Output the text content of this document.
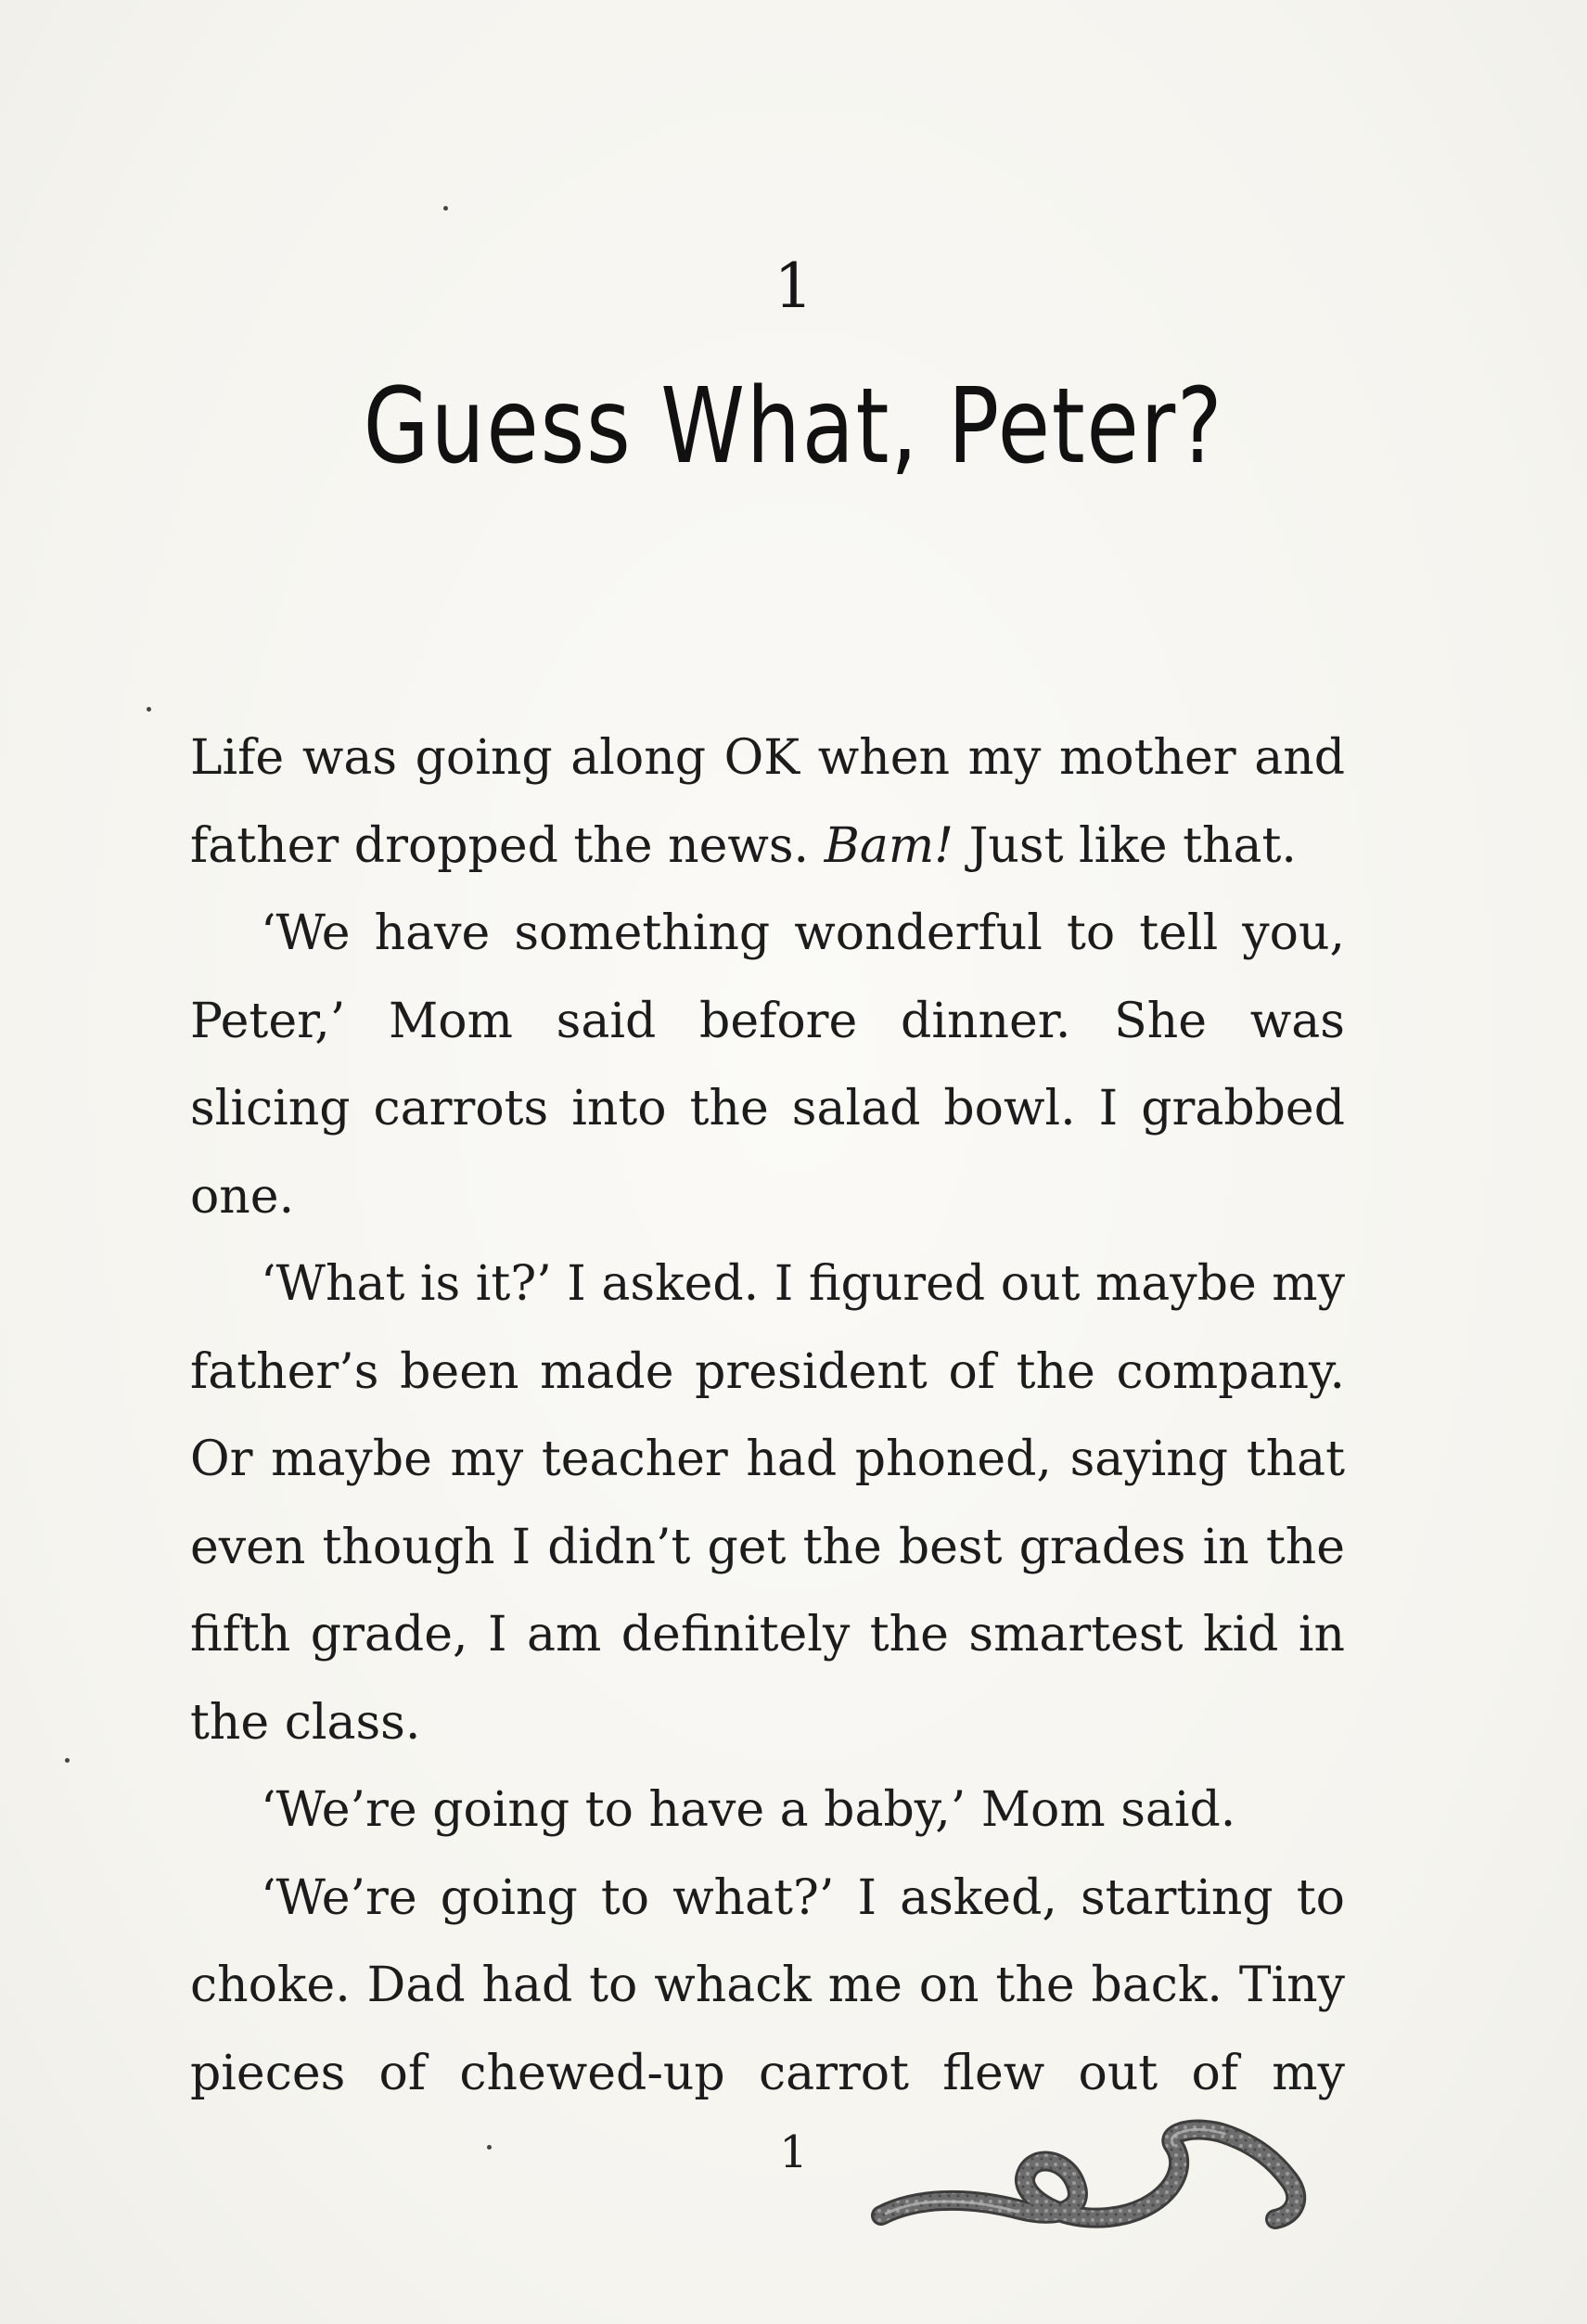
1
Guess What, Peter?

Life was going along OK when my mother and father dropped the news. Bam! Just like that.

‘We have something wonderful to tell you, Peter,’ Mom said before dinner. She was slicing carrots into the salad bowl. I grabbed one.

‘What is it?’ I asked. I figured out maybe my father’s been made president of the company. Or maybe my teacher had phoned, saying that even though I didn’t get the best grades in the fifth grade, I am definitely the smartest kid in the class.

‘We’re going to have a baby,’ Mom said.

‘We’re going to what?’ I asked, starting to choke. Dad had to whack me on the back. Tiny pieces of chewed-up carrot flew out of my

1
